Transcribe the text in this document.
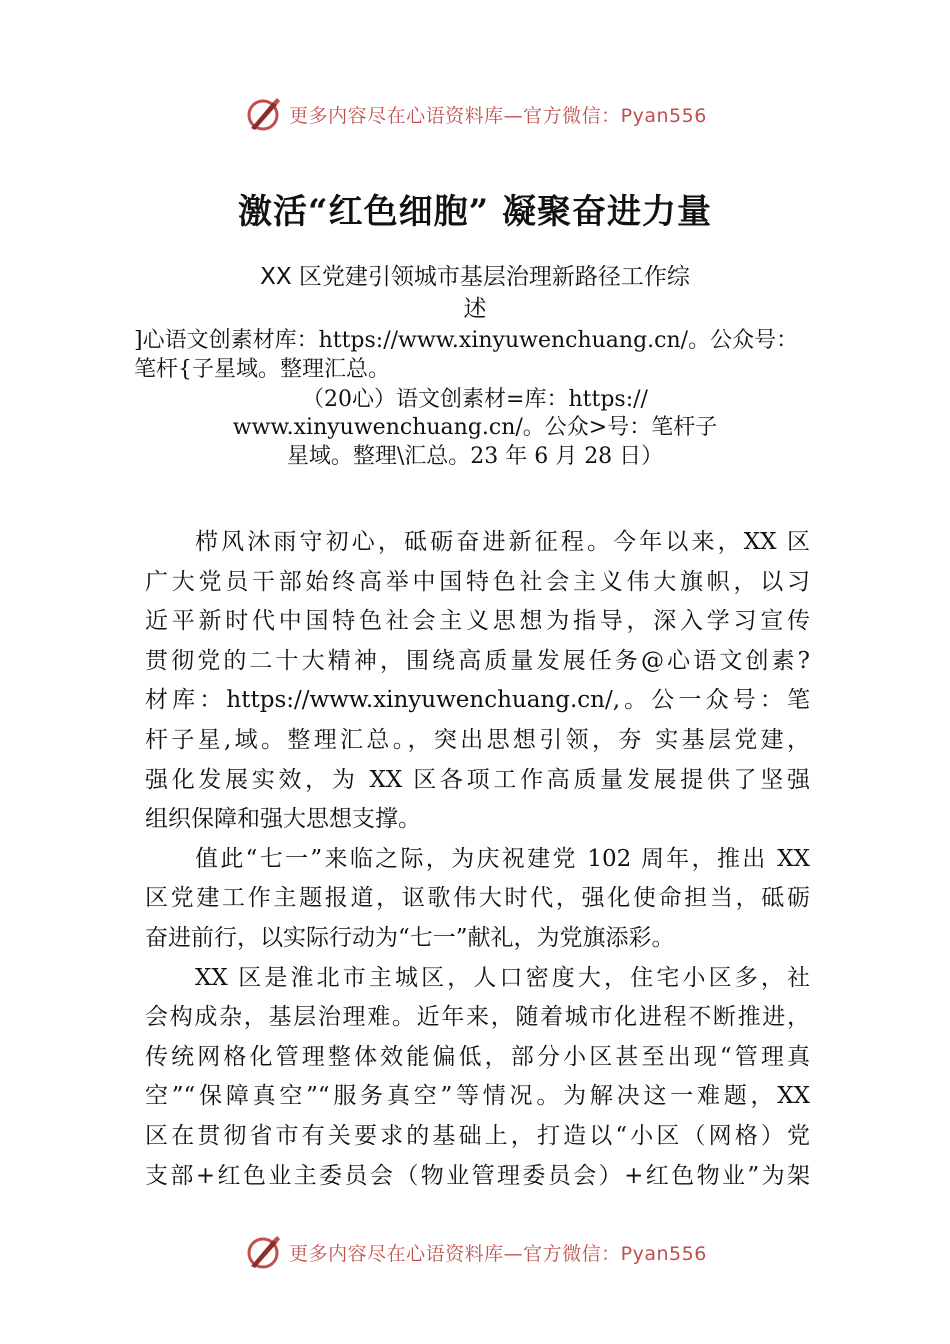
更多内容尽在心语资料库—官方微信：Pyan556
激活“红色细胞” 凝聚奋进力量
XX 区党建引领城市基层治理新路径工作综
述
]心语文创素材库：https://www.xinyuwenchuang.cn/。公众号：
笔杆{子星域。整理汇总。
（20心）语文创素材=库：https://
www.xinyuwenchuang.cn/。公众>号：笔杆子
星域。整理\汇总。23 年 6 月 28 日）
栉风沐雨守初心，砥砺奋进新征程。今年以来，XX 区
广大党员干部始终高举中国特色社会主义伟大旗帜，以习
近平新时代中国特色社会主义思想为指导，深入学习宣传
贯彻党的二十大精神，围绕高质量发展任务@心语文创素?
材库：https://www.xinyuwenchuang.cn/,。公一众号：笔
杆子星,域。整理汇总。，突出思想引领，夯 实基层党建，
强化发展实效，为 XX 区各项工作高质量发展提供了坚强
组织保障和强大思想支撑。
值此“七一”来临之际，为庆祝建党 102 周年，推出 XX
区党建工作主题报道，讴歌伟大时代，强化使命担当，砥砺
奋进前行，以实际行动为“七一”献礼，为党旗添彩。
XX 区是淮北市主城区，人口密度大，住宅小区多，社
会构成杂，基层治理难。近年来，随着城市化进程不断推进，
传统网格化管理整体效能偏低，部分小区甚至出现“管理真
空”“保障真空”“服务真空”等情况。为解决这一难题，XX
区在贯彻省市有关要求的基础上，打造以“小区（网格）党
支部+红色业主委员会（物业管理委员会）+红色物业”为架
更多内容尽在心语资料库—官方微信：Pyan556
